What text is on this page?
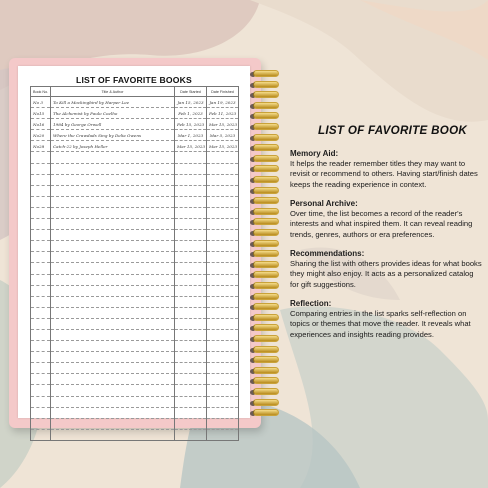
LIST OF FAVORITE BOOKS
Book No.	Title & Author	Date Started	Date Finished
No 3	To Kill a Mockingbird by Harper Lee	Jan 15, 2023	Jan 19, 2023
No15	The Alchemist by Paulo Coelho	Feb 1, 2023	Feb 11, 2023
No16	1984 by George Orwell	Feb 15, 2023	Mar 15, 2023
No20	Where the Crawdads Sing by Delia Owens	Mar 1, 2023	Mar 5, 2023
No28	Catch-22 by Joseph Heller	Mar 15, 2023	Mar 15, 2023

LIST OF FAVORITE BOOK
Memory Aid:

It helps the reader remember titles they may want to revisit or recommend to others. Having start/finish dates keeps the reading experience in context.

Personal Archive:

Over time, the list becomes a record of the reader's interests and what inspired them. It can reveal reading trends, genres, authors or era preferences.

Recommendations:

Sharing the list with others provides ideas for what books they might also enjoy. It acts as a personalized catalog for gift suggestions.

Reflection:

Comparing entries in the list sparks self-reflection on topics or themes that move the reader. It reveals what experiences and insights reading provides.
